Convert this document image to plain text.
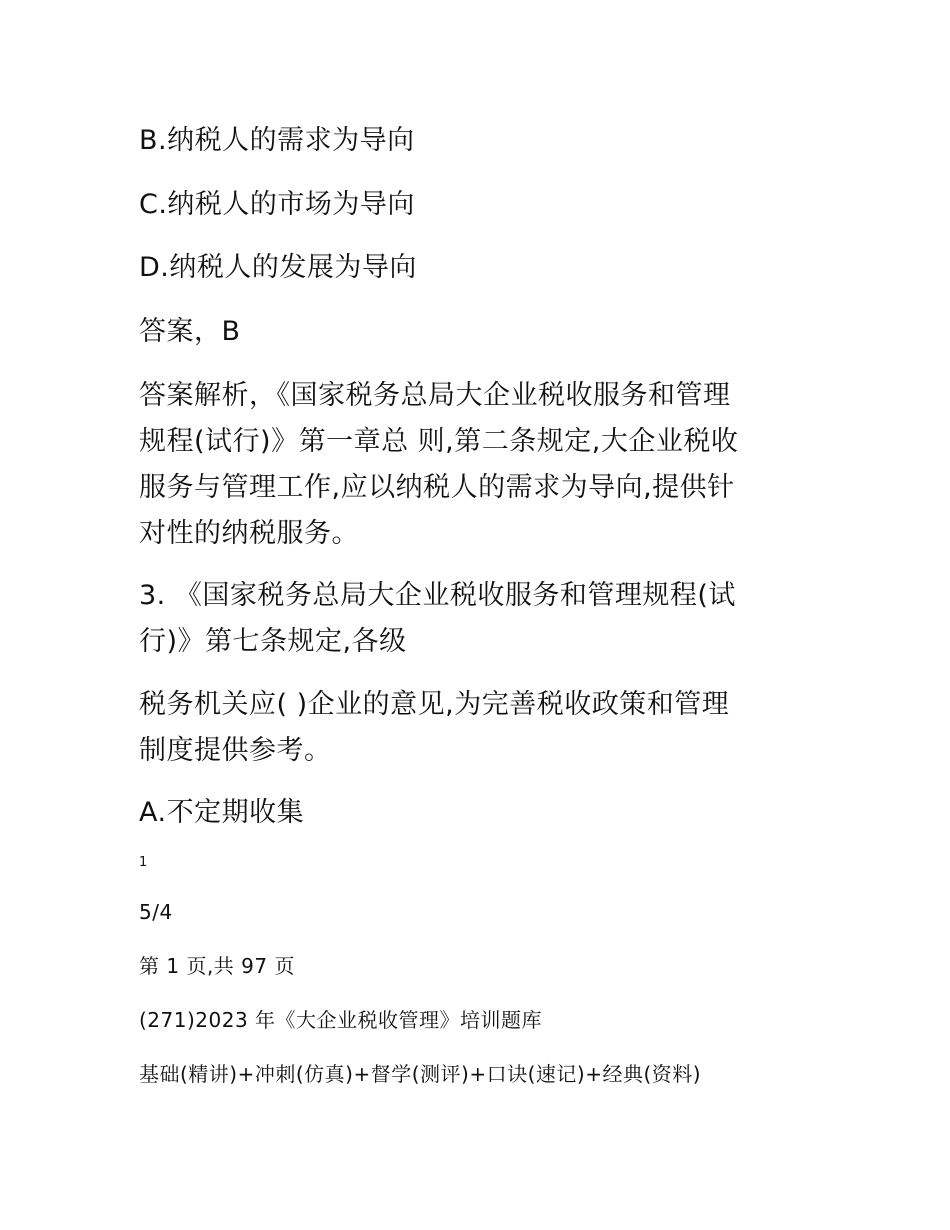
B.纳税人的需求为导向
C.纳税人的市场为导向
D.纳税人的发展为导向
答案，B
答案解析，《国家税务总局大企业税收服务和管理
规程(试行)》第一章总 则,第二条规定,大企业税收
服务与管理工作,应以纳税人的需求为导向,提供针
对性的纳税服务。
3. 《国家税务总局大企业税收服务和管理规程(试
行)》第七条规定,各级
税务机关应( )企业的意见,为完善税收政策和管理
制度提供参考。
A.不定期收集
1
5/4
第 1 页,共 97 页
(271)2023 年《大企业税收管理》培训题库
基础(精讲)+冲刺(仿真)+督学(测评)+口诀(速记)+经典(资料)
